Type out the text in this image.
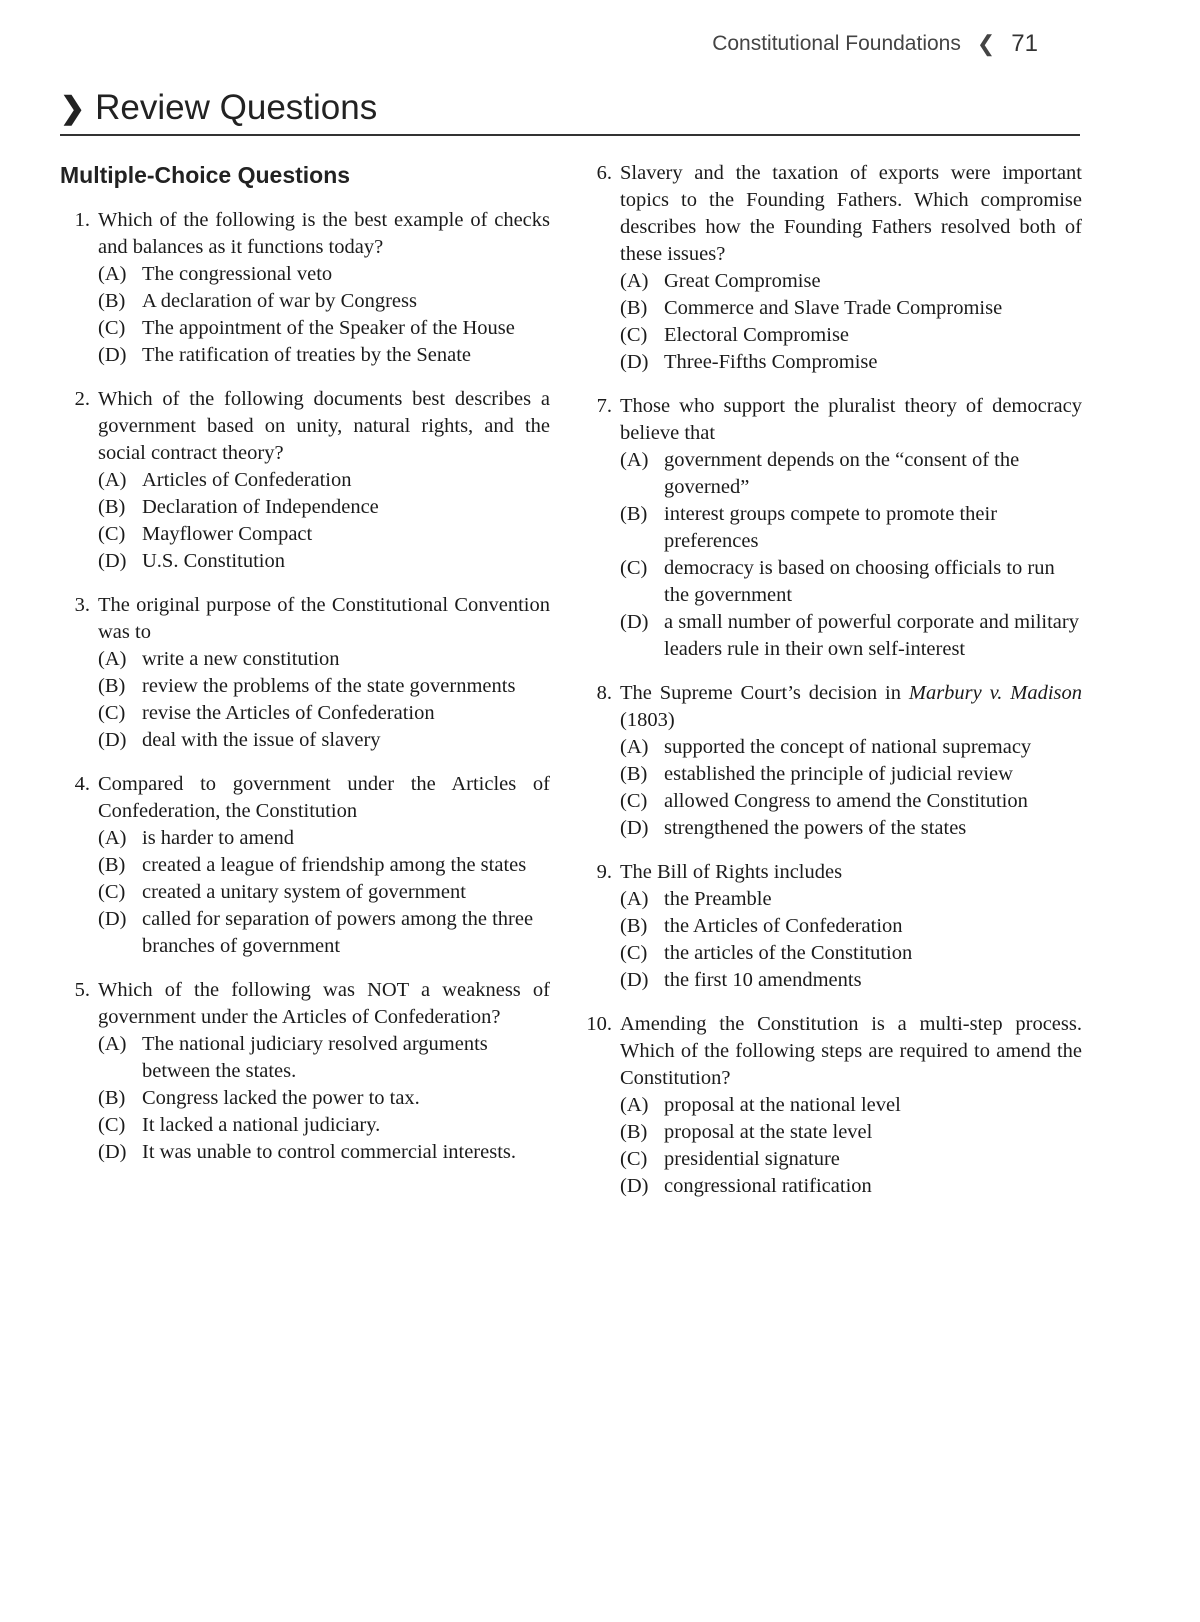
Constitutional Foundations ❮ 71
❯ Review Questions
Multiple-Choice Questions
1. Which of the following is the best example of checks and balances as it functions today?
(A) The congressional veto
(B) A declaration of war by Congress
(C) The appointment of the Speaker of the House
(D) The ratification of treaties by the Senate
2. Which of the following documents best describes a government based on unity, natural rights, and the social contract theory?
(A) Articles of Confederation
(B) Declaration of Independence
(C) Mayflower Compact
(D) U.S. Constitution
3. The original purpose of the Constitutional Convention was to
(A) write a new constitution
(B) review the problems of the state governments
(C) revise the Articles of Confederation
(D) deal with the issue of slavery
4. Compared to government under the Articles of Confederation, the Constitution
(A) is harder to amend
(B) created a league of friendship among the states
(C) created a unitary system of government
(D) called for separation of powers among the three branches of government
5. Which of the following was NOT a weakness of government under the Articles of Confederation?
(A) The national judiciary resolved arguments between the states.
(B) Congress lacked the power to tax.
(C) It lacked a national judiciary.
(D) It was unable to control commercial interests.
6. Slavery and the taxation of exports were important topics to the Founding Fathers. Which compromise describes how the Founding Fathers resolved both of these issues?
(A) Great Compromise
(B) Commerce and Slave Trade Compromise
(C) Electoral Compromise
(D) Three-Fifths Compromise
7. Those who support the pluralist theory of democracy believe that
(A) government depends on the “consent of the governed”
(B) interest groups compete to promote their preferences
(C) democracy is based on choosing officials to run the government
(D) a small number of powerful corporate and military leaders rule in their own self-interest
8. The Supreme Court’s decision in Marbury v. Madison (1803)
(A) supported the concept of national supremacy
(B) established the principle of judicial review
(C) allowed Congress to amend the Constitution
(D) strengthened the powers of the states
9. The Bill of Rights includes
(A) the Preamble
(B) the Articles of Confederation
(C) the articles of the Constitution
(D) the first 10 amendments
10. Amending the Constitution is a multi-step process. Which of the following steps are required to amend the Constitution?
(A) proposal at the national level
(B) proposal at the state level
(C) presidential signature
(D) congressional ratification
